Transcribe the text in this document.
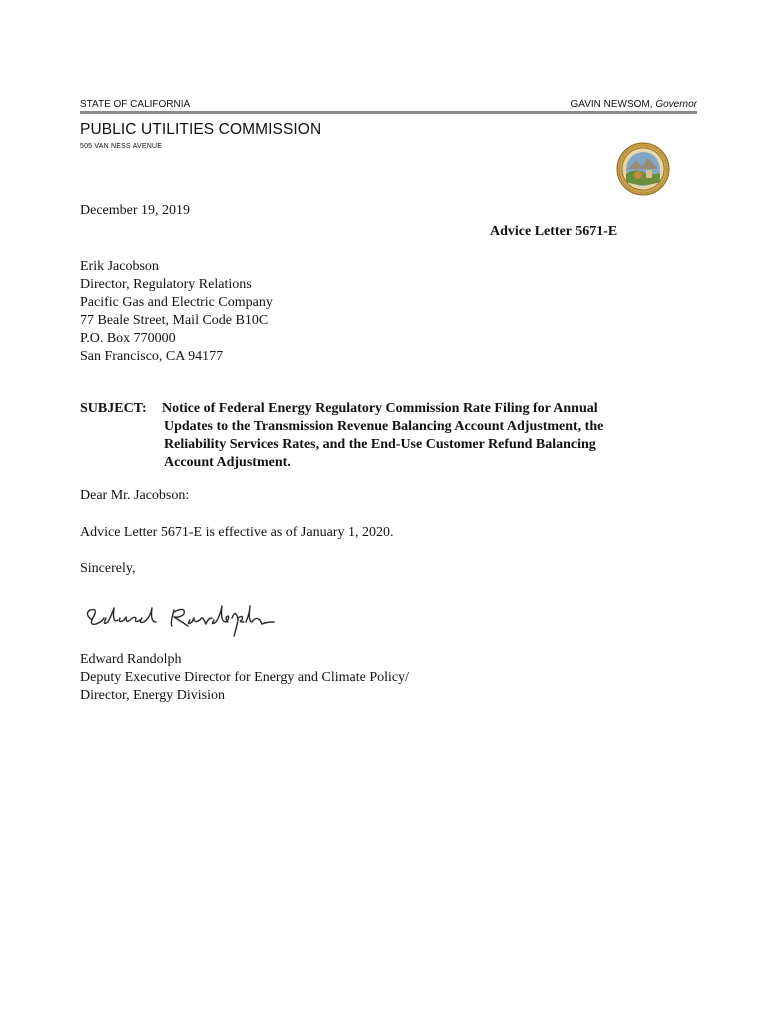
STATE OF CALIFORNIA	GAVIN NEWSOM, Governor
PUBLIC UTILITIES COMMISSION
505 VAN NESS AVENUE
December 19, 2019
Advice Letter 5671-E
Erik Jacobson
Director, Regulatory Relations
Pacific Gas and Electric Company
77 Beale Street, Mail Code B10C
P.O. Box 770000
San Francisco, CA 94177
SUBJECT: Notice of Federal Energy Regulatory Commission Rate Filing for Annual
Updates to the Transmission Revenue Balancing Account Adjustment, the
Reliability Services Rates, and the End-Use Customer Refund Balancing
Account Adjustment.
Dear Mr. Jacobson:
Advice Letter 5671-E is effective as of January 1, 2020.
Sincerely,
Edward Randolph
Deputy Executive Director for Energy and Climate Policy/
Director, Energy Division
